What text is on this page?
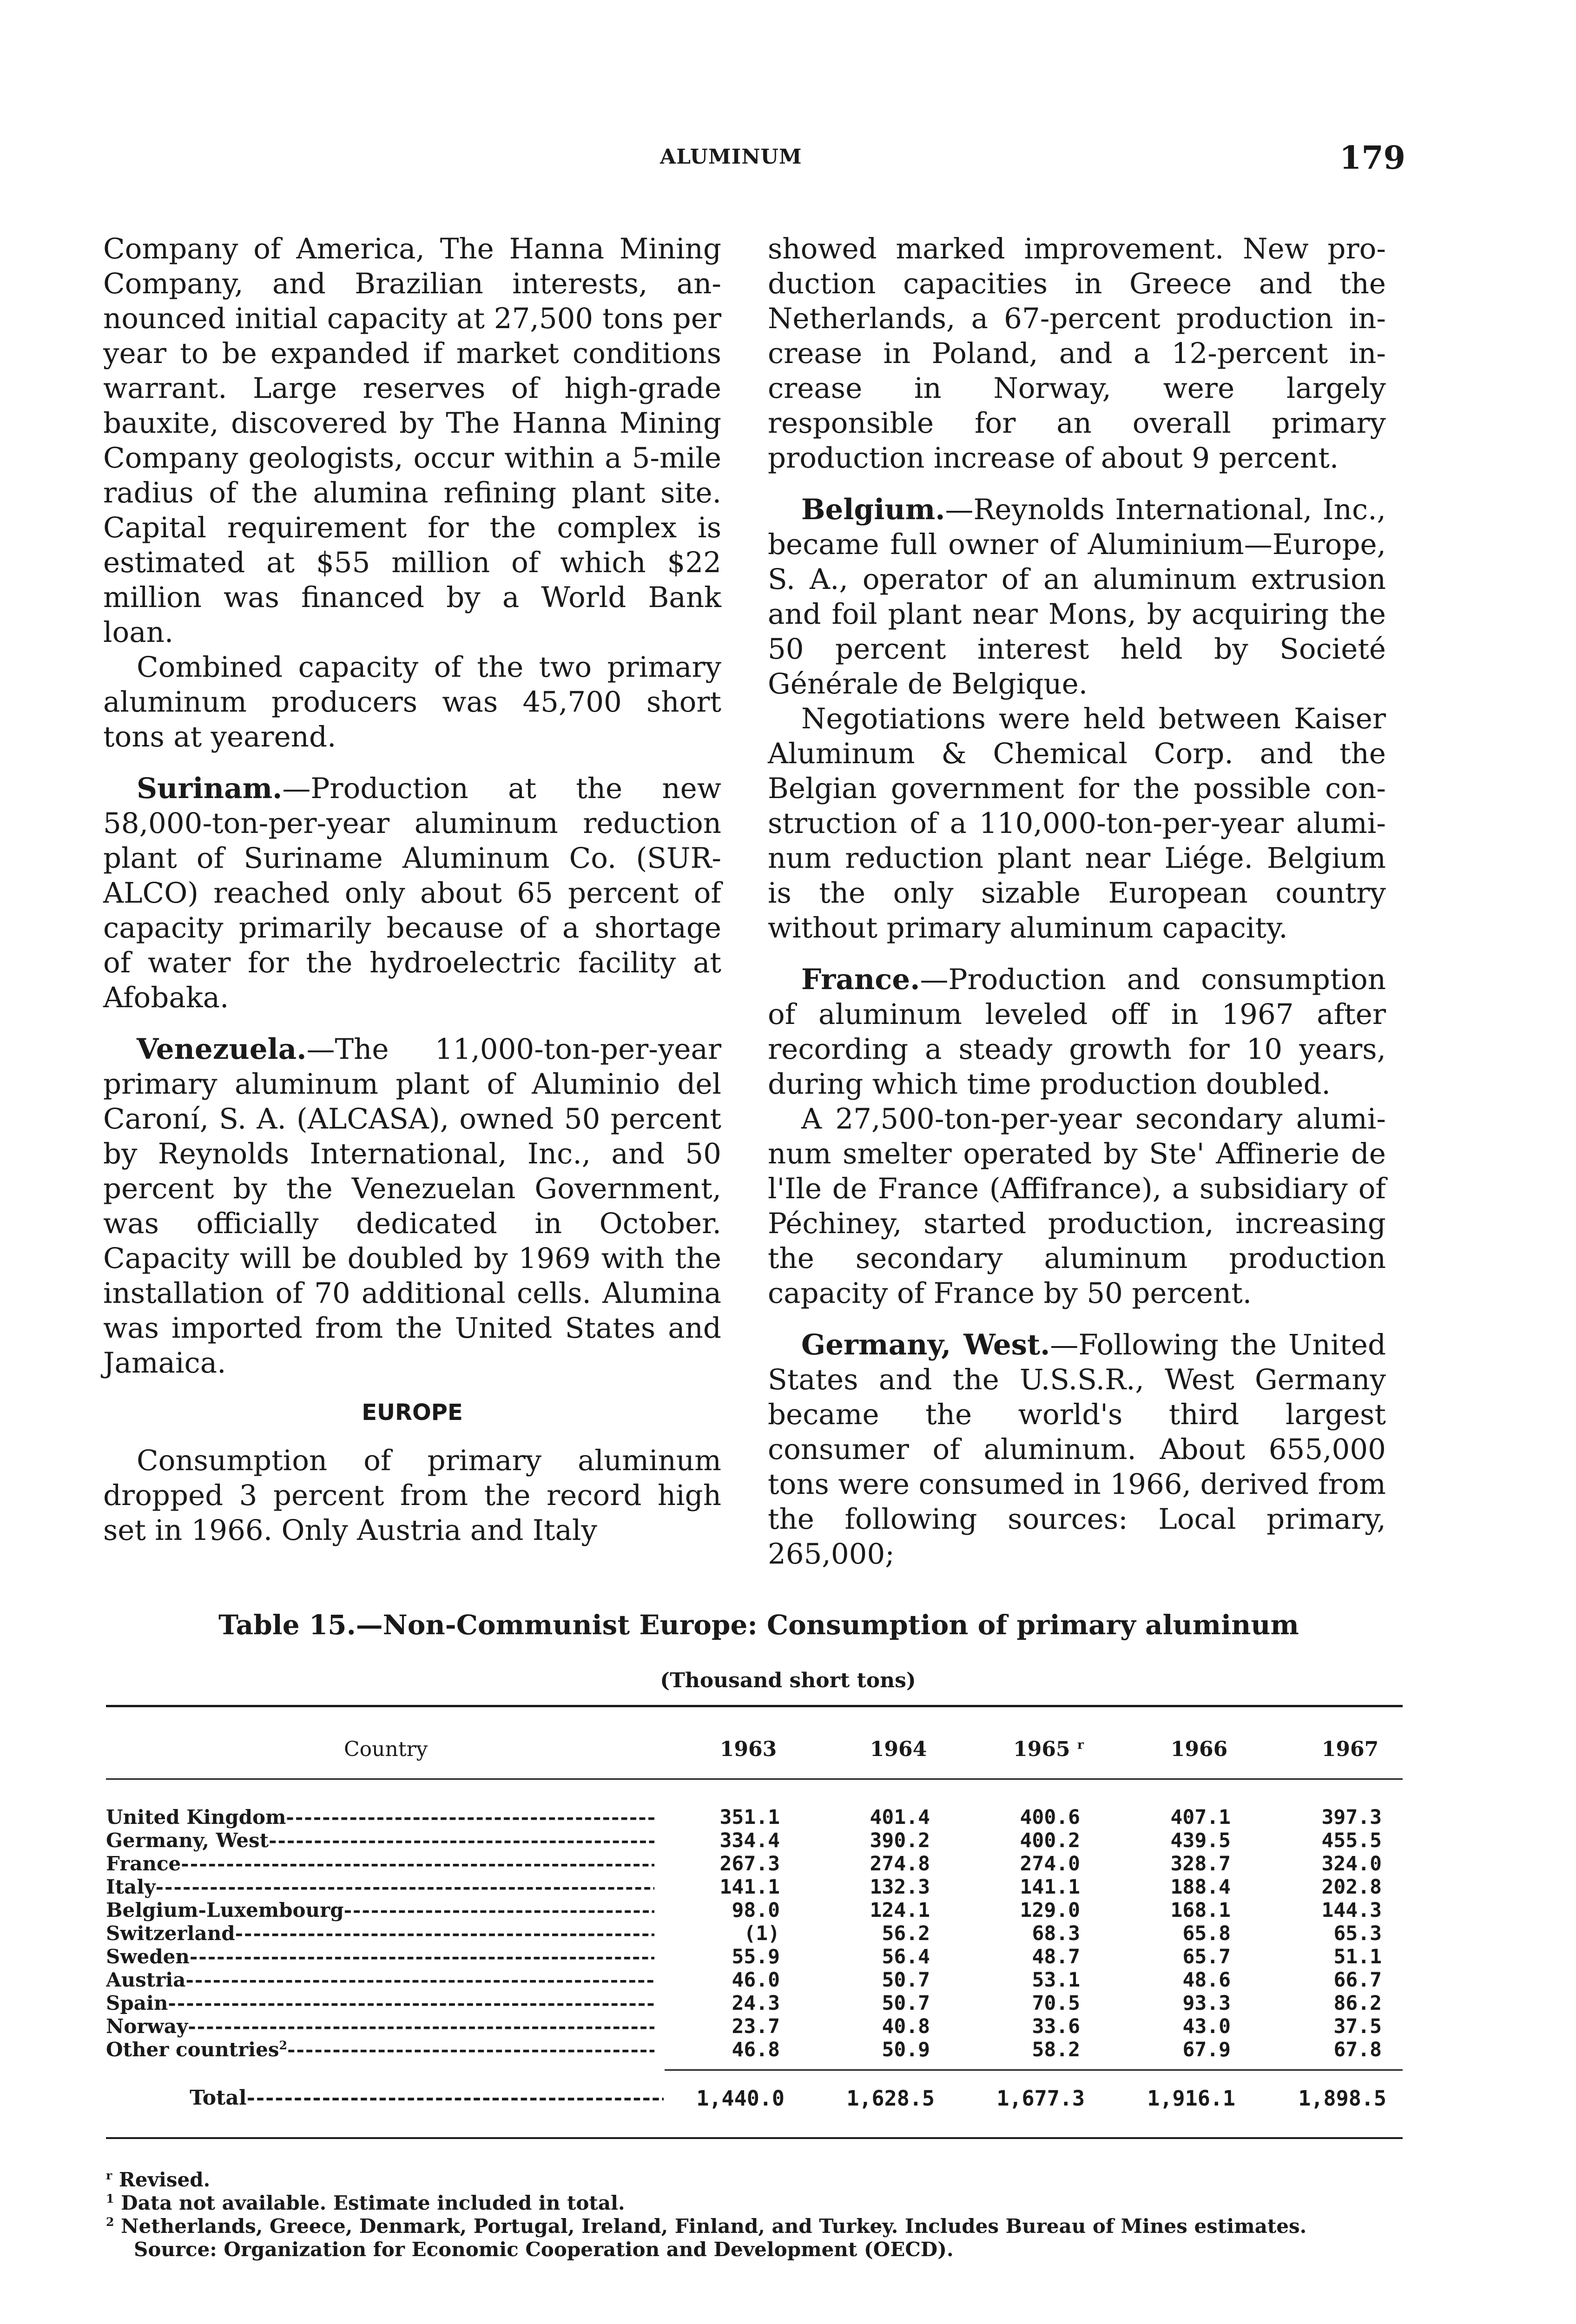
ALUMINUM	179

Company of America, The Hanna Mining Company, and Brazilian interests, announced initial capacity at 27,500 tons per year to be expanded if market conditions warrant. Large reserves of high-grade bauxite, discovered by The Hanna Mining Company geologists, occur within a 5-mile radius of the alumina refining plant site. Capital requirement for the complex is estimated at $55 million of which $22 million was financed by a World Bank loan.

Combined capacity of the two primary aluminum producers was 45,700 short tons at yearend.

Surinam.—Production at the new 58,000-ton-per-year aluminum reduction plant of Suriname Aluminum Co. (SURALCO) reached only about 65 percent of capacity primarily because of a shortage of water for the hydroelectric facility at Afobaka.

Venezuela.—The 11,000-ton-per-year primary aluminum plant of Aluminio del Caroní, S. A. (ALCASA), owned 50 percent by Reynolds International, Inc., and 50 percent by the Venezuelan Government, was officially dedicated in October. Capacity will be doubled by 1969 with the installation of 70 additional cells. Alumina was imported from the United States and Jamaica.

EUROPE

Consumption of primary aluminum dropped 3 percent from the record high set in 1966. Only Austria and Italy

showed marked improvement. New production capacities in Greece and the Netherlands, a 67-percent production increase in Poland, and a 12-percent increase in Norway, were largely responsible for an overall primary production increase of about 9 percent.

Belgium.—Reynolds International, Inc., became full owner of Aluminium—Europe, S. A., operator of an aluminum extrusion and foil plant near Mons, by acquiring the 50 percent interest held by Societé Générale de Belgique.

Negotiations were held between Kaiser Aluminum & Chemical Corp. and the Belgian government for the possible construction of a 110,000-ton-per-year aluminum reduction plant near Liége. Belgium is the only sizable European country without primary aluminum capacity.

France.—Production and consumption of aluminum leveled off in 1967 after recording a steady growth for 10 years, during which time production doubled.

A 27,500-ton-per-year secondary aluminum smelter operated by Ste' Affinerie de l'Ile de France (Affifrance), a subsidiary of Péchiney, started production, increasing the secondary aluminum production capacity of France by 50 percent.

Germany, West.—Following the United States and the U.S.S.R., West Germany became the world's third largest consumer of aluminum. About 655,000 tons were consumed in 1966, derived from the following sources: Local primary, 265,000;

Table 15.—Non-Communist Europe: Consumption of primary aluminum
(Thousand short tons)
Country	1963	1964	1965 $^r$	1966	1967
United Kingdom -----	351.1	401.4	400.6	407.1	397.3
Germany, West -----	334.4	390.2	400.2	439.5	455.5
France -----	267.3	274.8	274.0	328.7	324.0
Italy -----	141.1	132.3	141.1	188.4	202.8
Belgium-Luxembourg -----	98.0	124.1	129.0	168.1	144.3
Switzerland -----	(1)	56.2	68.3	65.8	65.3
Sweden -----	55.9	56.4	48.7	65.7	51.1
Austria -----	46.0	50.7	53.1	48.6	66.7
Spain -----	24.3	50.7	70.5	93.3	86.2
Norway -----	23.7	40.8	33.6	43.0	37.5
Other countries$^2$ -----	46.8	50.9	58.2	67.9	67.8
Total -----	1,440.0	1,628.5	1,677.3	1,916.1	1,898.5

$^r$ Revised.

$^1$ Data not available. Estimate included in total.

$^2$ Netherlands, Greece, Denmark, Portugal, Ireland, Finland, and Turkey. Includes Bureau of Mines estimates.

Source: Organization for Economic Cooperation and Development (OECD).
